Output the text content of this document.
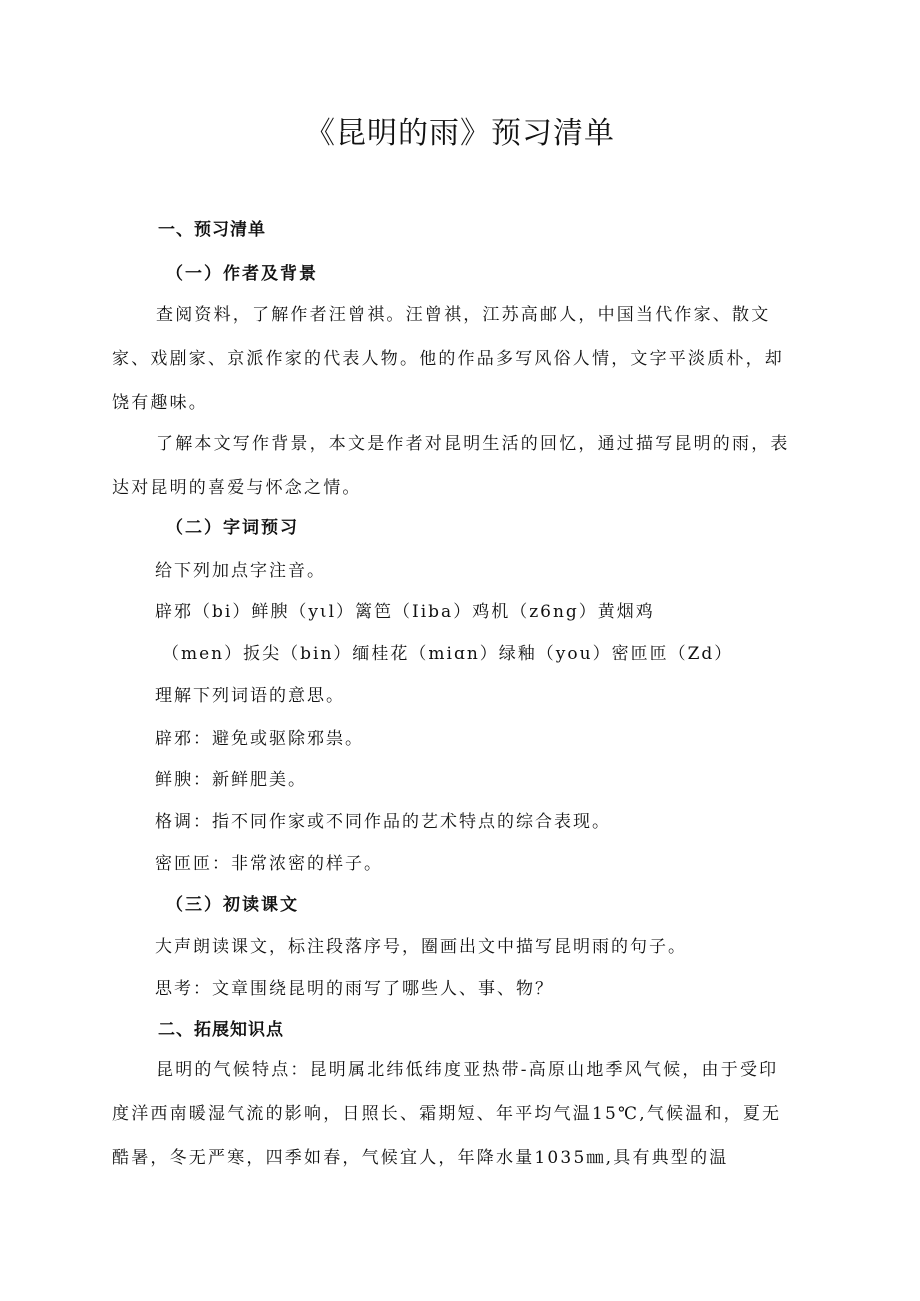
《昆明的雨》预习清单
一、预习清单
（一）作者及背景

查阅资料，了解作者汪曾祺。汪曾祺，江苏高邮人，中国当代作家、散文家、戏剧家、京派作家的代表人物。他的作品多写风俗人情，文字平淡质朴，却饶有趣味。

了解本文写作背景，本文是作者对昆明生活的回忆，通过描写昆明的雨，表达对昆明的喜爱与怀念之情。

（二）字词预习

给下列加点字注音。

辟邪（bi）鲜腴（yιl）篱笆（Iiba）鸡机（z6ng）黄烟鸡

（men）扳尖（bin）缅桂花（miɑn）绿釉（you）密匝匝（Zd）

理解下列词语的意思。

辟邪：避免或驱除邪祟。

鲜腴：新鲜肥美。

格调：指不同作家或不同作品的艺术特点的综合表现。

密匝匝：非常浓密的样子。

（三）初读课文

大声朗读课文，标注段落序号，圈画出文中描写昆明雨的句子。

思考：文章围绕昆明的雨写了哪些人、事、物？

二、拓展知识点

昆明的气候特点：昆明属北纬低纬度亚热带-高原山地季风气候，由于受印度洋西南暖湿气流的影响，日照长、霜期短、年平均气温15℃,气候温和，夏无酷暑，冬无严寒，四季如春，气候宜人，年降水量1035㎜,具有典型的温
